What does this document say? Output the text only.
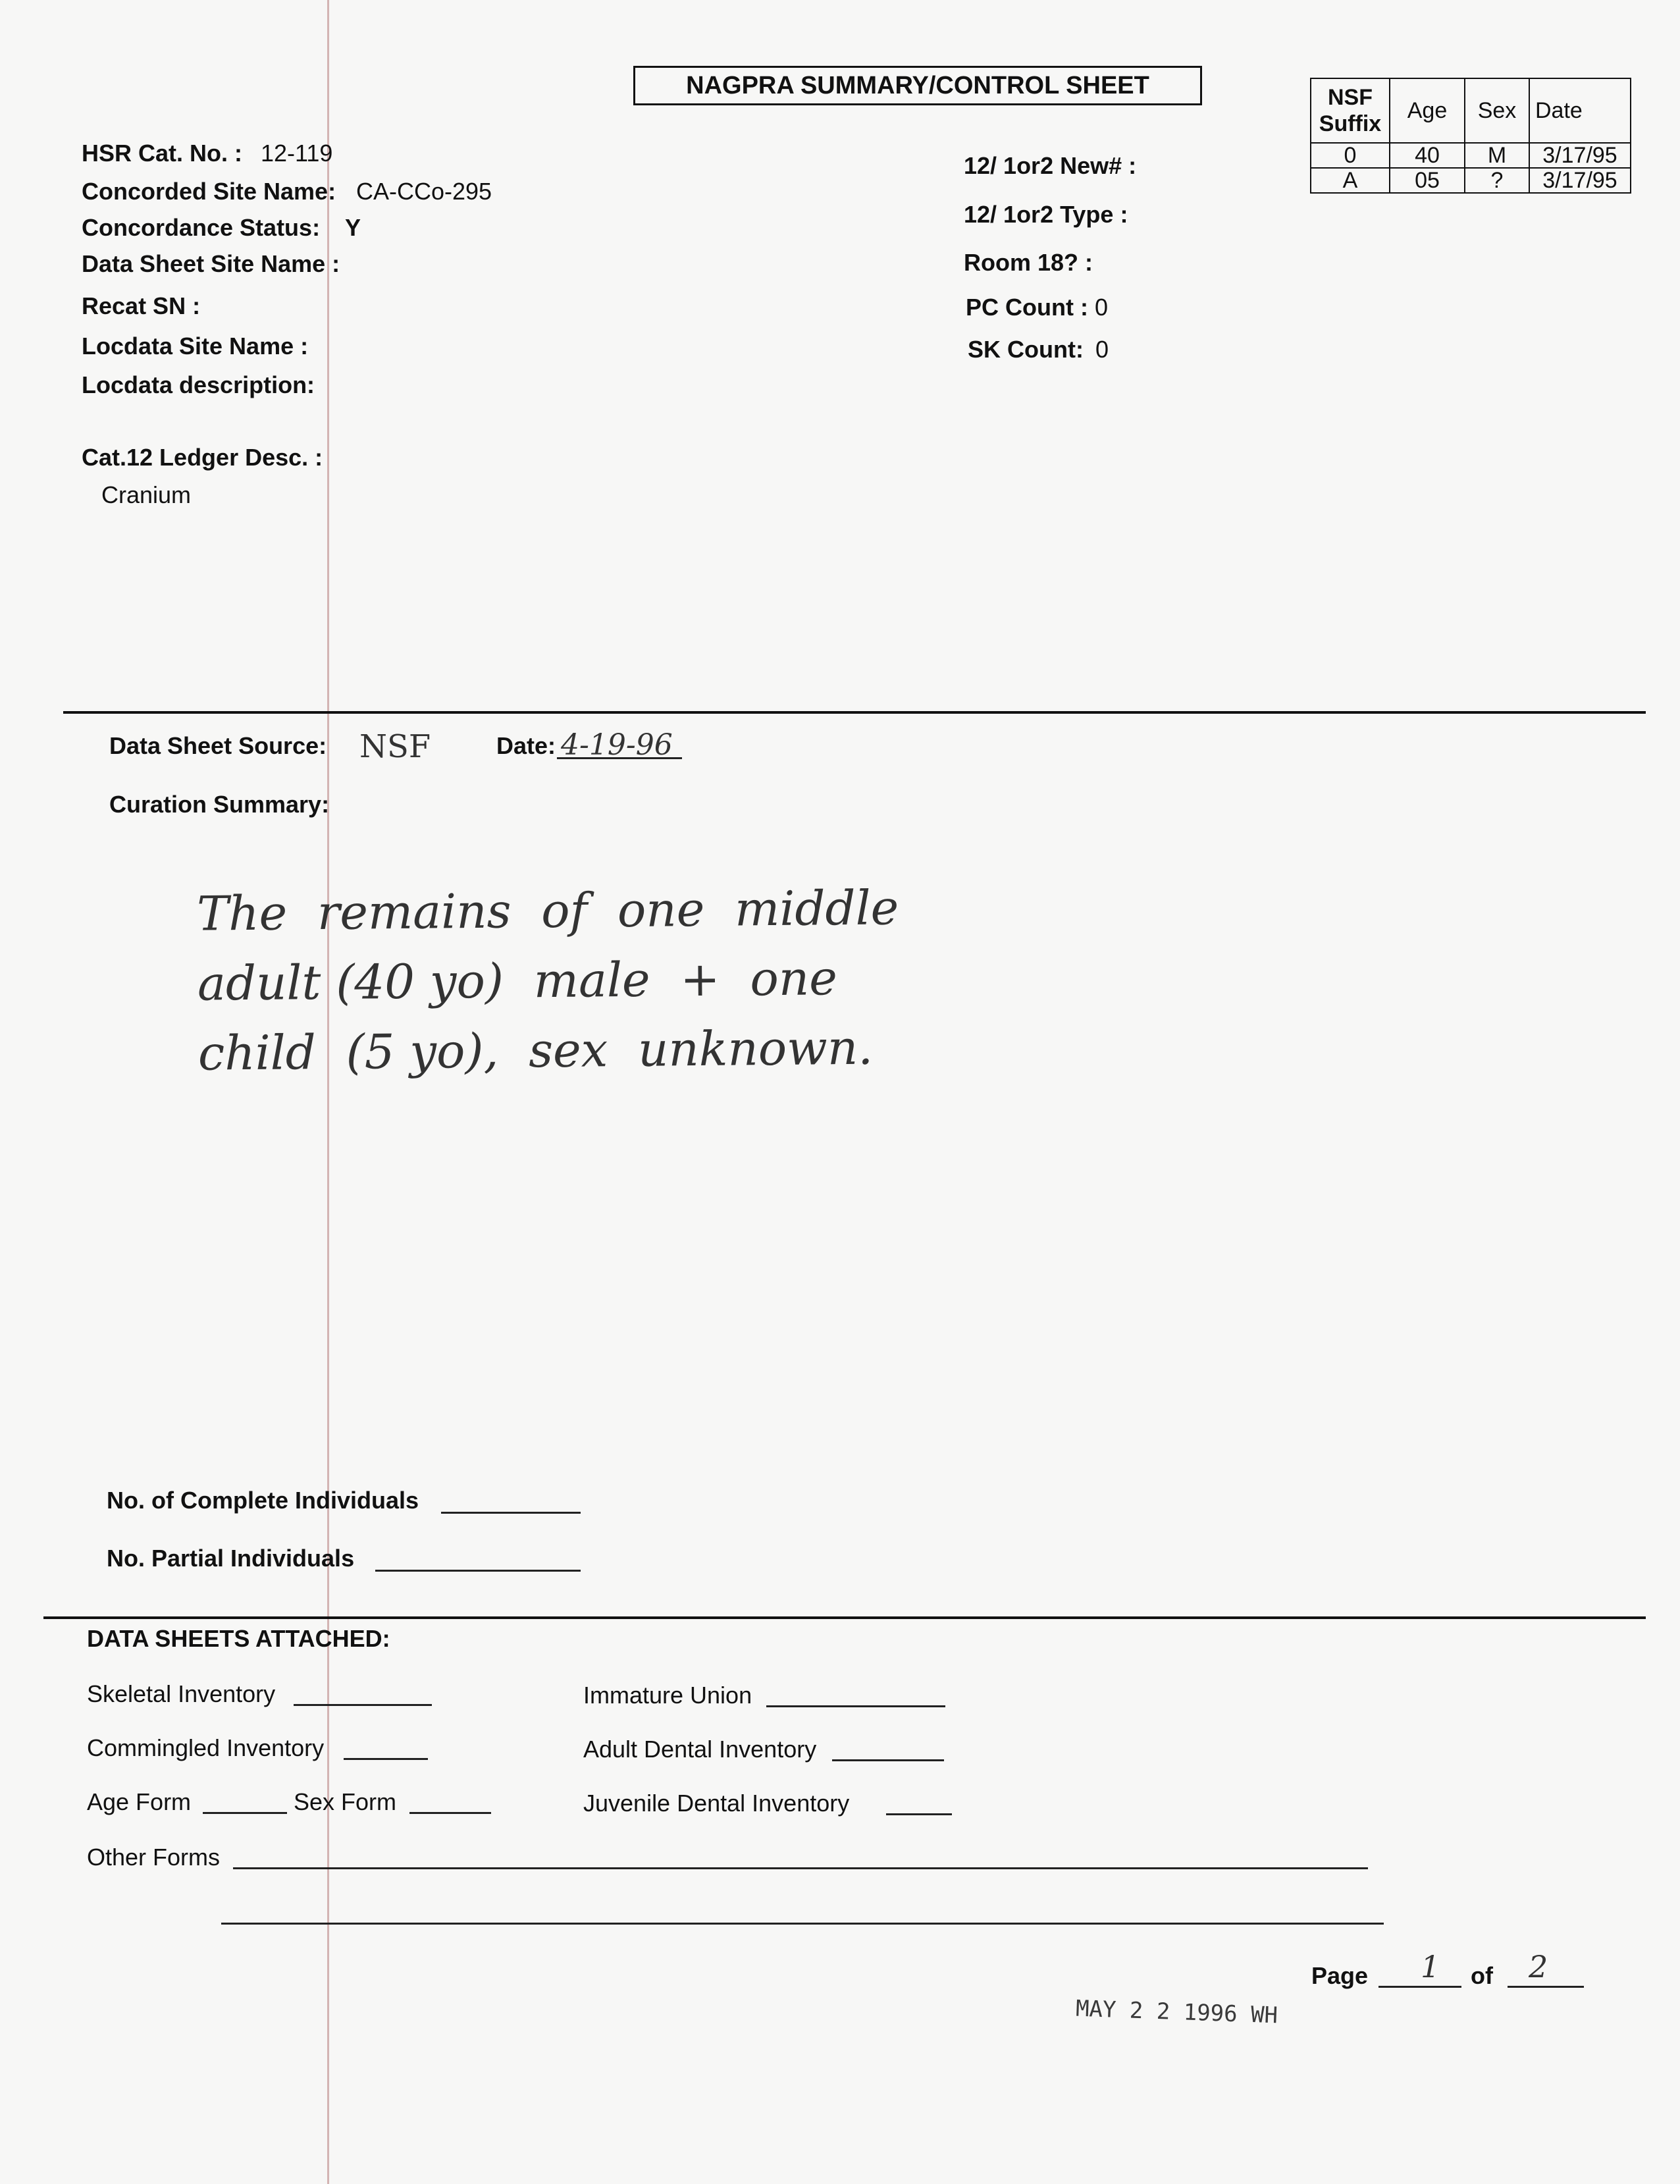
NAGPRA SUMMARY/CONTROL SHEET
HSR Cat. No. : 12-119
Concorded Site Name: CA-CCo-295
Concordance Status: Y
Data Sheet Site Name :
Recat SN :
Locdata Site Name :
Locdata description:
Cat.12 Ledger Desc. :
Cranium
12/ 1or2 New# :
12/ 1or2 Type :
Room 18? :
PC Count : 0
SK Count: 0
NSF Suffix	Age	Sex	Date
0	40	M	3/17/95
A	05	?	3/17/95
Data Sheet Source: NSF	Date: 4-19-96
Curation Summary:
The  remains  of  one  middle
adult (40 yo)  male  +  one
child  (5 yo),  sex  unknown.
No. of Complete Individuals
No. Partial Individuals
DATA SHEETS ATTACHED:
Skeletal Inventory
Commingled Inventory
Age Form	Sex Form
Other Forms
Immature Union
Adult Dental Inventory
Juvenile Dental Inventory
Page 1 of 2
MAY 2 2 1996 WH
